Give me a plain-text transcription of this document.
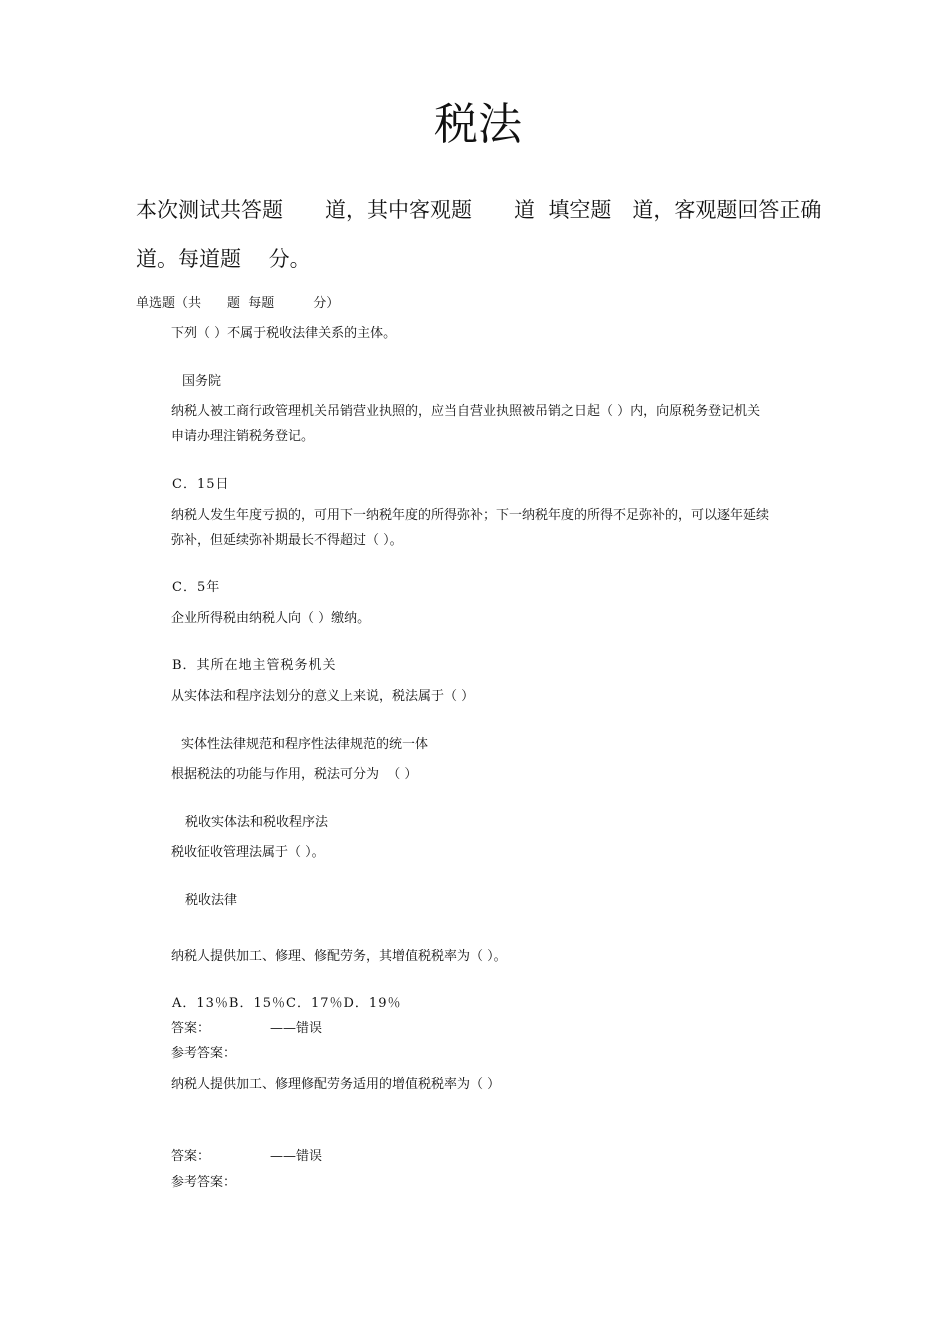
税法
本次测试共答题　　道，其中客观题　　道  填空题　道，客观题回答正确
道。每道题　 分。
单选题（共　　题  每题　　　分）
下列（ ）不属于税收法律关系的主体。
国务院
纳税人被工商行政管理机关吊销营业执照的，应当自营业执照被吊销之日起（ ）内，向原税务登记机关
申请办理注销税务登记。
C．15日
纳税人发生年度亏损的，可用下一纳税年度的所得弥补；下一纳税年度的所得不足弥补的，可以逐年延续
弥补，但延续弥补期最长不得超过（ ）。
C．5年
企业所得税由纳税人向（ ）缴纳。
B．其所在地主管税务机关
从实体法和程序法划分的意义上来说，税法属于（ ）
实体性法律规范和程序性法律规范的统一体
根据税法的功能与作用，税法可分为  （ ）
税收实体法和税收程序法
税收征收管理法属于（ ）。
税收法律
纳税人提供加工、修理、修配劳务，其增值税税率为（ ）。
A．13％B．15％C．17％D．19％
答案：	——错误
参考答案：
纳税人提供加工、修理修配劳务适用的增值税税率为（ ）
答案：	——错误
参考答案：
